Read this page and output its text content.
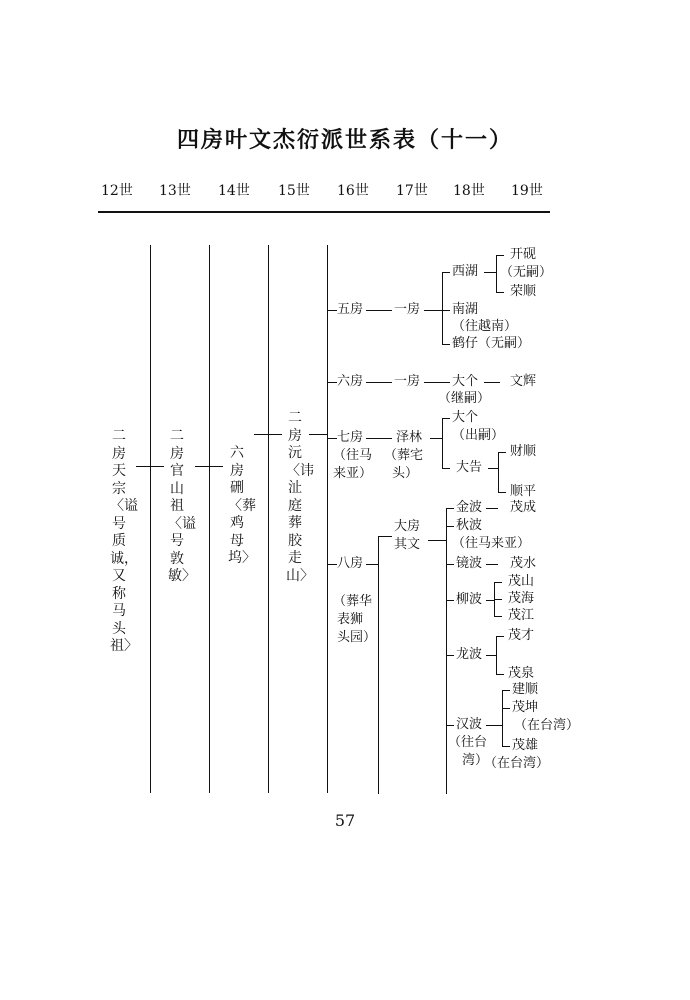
四房叶文杰衍派世系表（十一）
12世 13世 14世 15世 16世 17世 18世 19世
二房天宗〈谥号质诚，又称马头祖〉
二房官山祖〈谥号敦敏〉
六房硎〈葬鸡母坞〉
二房沅〈讳沚庭葬胶走山〉
五房
六房
七房
（往马
来亚）
八房
（葬华
表狮
头园）
一房
一房
泽林
（葬宅
头）
大房
其文
西湖
南湖
（往越南）
鹤仔（无嗣）
大个
（继嗣）
大个
（出嗣）
大告
金波
秋波
（往马来亚）
镜波
柳波
龙波
汉波
（往台
湾）
开砚
（无嗣）
荣顺
文辉
财顺
顺平
茂成
茂水
茂山
茂海
茂江
茂才
茂泉
建顺
茂坤
（在台湾）
茂雄
（在台湾）
57
